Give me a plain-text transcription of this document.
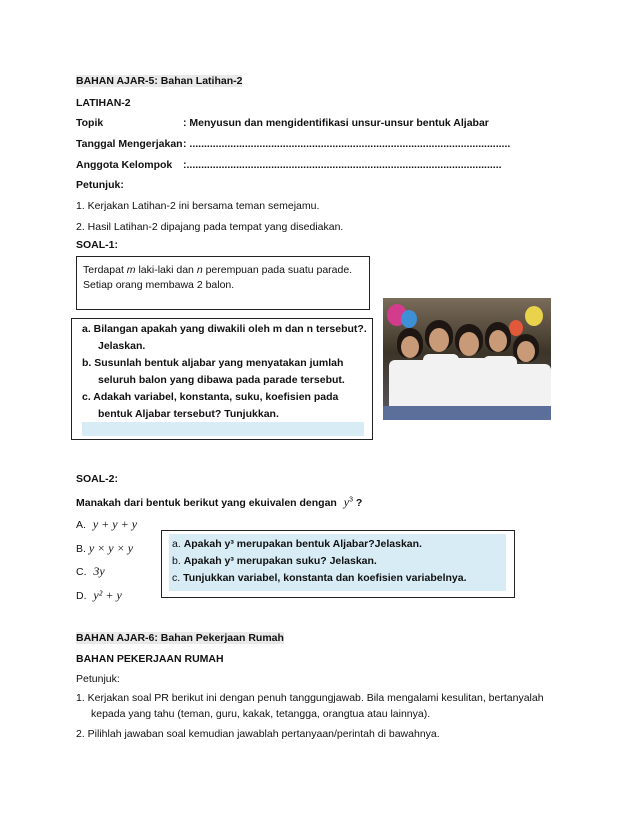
BAHAN AJAR-5: Bahan Latihan-2
LATIHAN-2
Topik	: Menyusun dan mengidentifikasi unsur-unsur bentuk Aljabar
Tanggal Mengerjakan : ..............................................................................................................
Anggota Kelompok :............................................................................................................
Petunjuk:
1. Kerjakan Latihan-2 ini bersama teman semejamu.
2. Hasil Latihan-2 dipajang pada tempat yang disediakan.
SOAL-1:
Terdapat m laki-laki dan n perempuan pada suatu parade.
Setiap orang membawa 2 balon.
a. Bilangan apakah yang diwakili oleh m dan n tersebut?.
Jelaskan.
b. Susunlah bentuk aljabar yang menyatakan jumlah
seluruh balon yang dibawa pada parade tersebut.
c. Adakah variabel, konstanta, suku, koefisien pada
bentuk Aljabar tersebut? Tunjukkan.
SOAL-2:
Manakah dari bentuk berikut yang ekuivalen dengan $y^3$ ?
A. y + y + y
B. y × y × y
C. 3y
D. y² + y
a. Apakah y³ merupakan bentuk Aljabar?Jelaskan.
b. Apakah y³ merupakan suku? Jelaskan.
c. Tunjukkan variabel, konstanta dan koefisien variabelnya.
BAHAN AJAR-6: Bahan Pekerjaan Rumah
BAHAN PEKERJAAN RUMAH
Petunjuk:
1. Kerjakan soal PR berikut ini dengan penuh tanggungjawab. Bila mengalami kesulitan, bertanyalah
kepada yang tahu (teman, guru, kakak, tetangga, orangtua atau lainnya).
2. Pilihlah jawaban soal kemudian jawablah pertanyaan/perintah di bawahnya.
